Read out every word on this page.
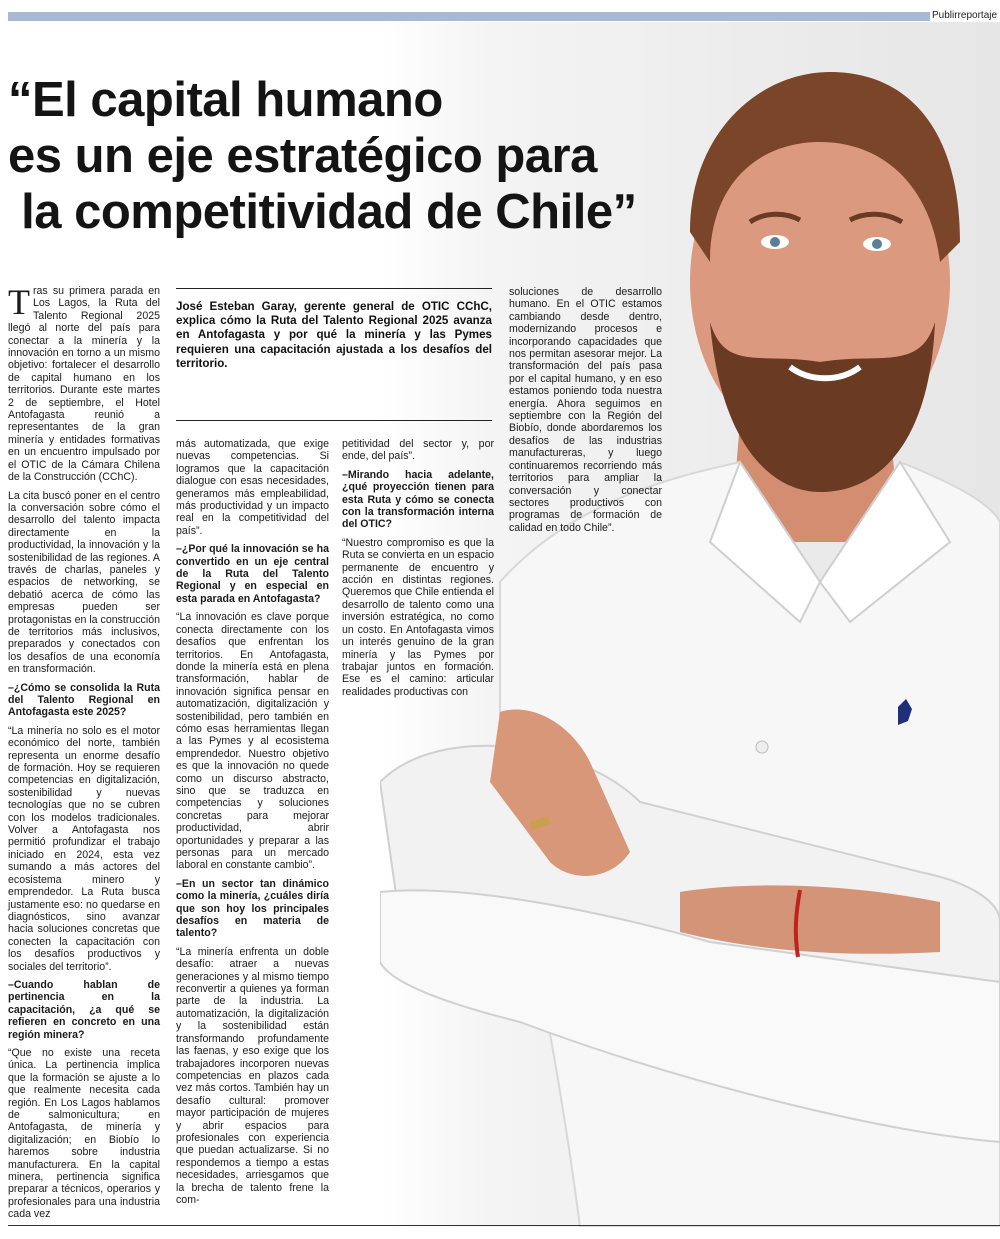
Publirreportaje
“El capital humano
es un eje estratégico para
la competitividad de Chile”
José Esteban Garay, gerente general de OTIC CChC, explica cómo la Ruta del Talento Regional 2025 avanza en Antofagasta y por qué la minería y las Pymes requieren una capacitación ajustada a los desafíos del territorio.

Tras su primera parada en Los Lagos, la Ruta del Talento Regional 2025 llegó al norte del país para conectar a la minería y la innovación en torno a un mismo objetivo: fortalecer el desarrollo de capital humano en los territorios. Durante este martes 2 de septiembre, el Hotel Antofagasta reunió a representantes de la gran minería y entidades formativas en un encuentro impulsado por el OTIC de la Cámara Chilena de la Construcción (CChC).

La cita buscó poner en el centro la conversación sobre cómo el desarrollo del talento impacta directamente en la productividad, la innovación y la sostenibilidad de las regiones. A través de charlas, paneles y espacios de networking, se debatió acerca de cómo las empresas pueden ser protagonistas en la construcción de territorios más inclusivos, preparados y conectados con los desafíos de una economía en transformación.

–¿Cómo se consolida la Ruta del Talento Regional en Antofagasta este 2025?

“La minería no solo es el motor económico del norte, también representa un enorme desafío de formación. Hoy se requieren competencias en digitalización, sostenibilidad y nuevas tecnologías que no se cubren con los modelos tradicionales. Volver a Antofagasta nos permitió profundizar el trabajo iniciado en 2024, esta vez sumando a más actores del ecosistema minero y emprendedor. La Ruta busca justamente eso: no quedarse en diagnósticos, sino avanzar hacia soluciones concretas que conecten la capacitación con los desafíos productivos y sociales del territorio”.

–Cuando hablan de pertinencia en la capacitación, ¿a qué se refieren en concreto en una región minera?

“Que no existe una receta única. La pertinencia implica que la formación se ajuste a lo que realmente necesita cada región. En Los Lagos hablamos de salmonicultura; en Antofagasta, de minería y digitalización; en Biobío lo haremos sobre industria manufacturera. En la capital minera, pertinencia significa preparar a técnicos, operarios y profesionales para una industria cada vez

más automatizada, que exige nuevas competencias. Si logramos que la capacitación dialogue con esas necesidades, generamos más empleabilidad, más productividad y un impacto real en la competitividad del país”.

–¿Por qué la innovación se ha convertido en un eje central de la Ruta del Talento Regional y en especial en esta parada en Antofagasta?

“La innovación es clave porque conecta directamente con los desafíos que enfrentan los territorios. En Antofagasta, donde la minería está en plena transformación, hablar de innovación significa pensar en automatización, digitalización y sostenibilidad, pero también en cómo esas herramientas llegan a las Pymes y al ecosistema emprendedor. Nuestro objetivo es que la innovación no quede como un discurso abstracto, sino que se traduzca en competencias y soluciones concretas para mejorar productividad, abrir oportunidades y preparar a las personas para un mercado laboral en constante cambio”.

–En un sector tan dinámico como la minería, ¿cuáles diría que son hoy los principales desafíos en materia de talento?

“La minería enfrenta un doble desafío: atraer a nuevas generaciones y al mismo tiempo reconvertir a quienes ya forman parte de la industria. La automatización, la digitalización y la sostenibilidad están transformando profundamente las faenas, y eso exige que los trabajadores incorporen nuevas competencias en plazos cada vez más cortos. También hay un desafío cultural: promover mayor participación de mujeres y abrir espacios para profesionales con experiencia que puedan actualizarse. Si no respondemos a tiempo a estas necesidades, arriesgamos que la brecha de talento frene la com-

petitividad del sector y, por ende, del país”.

–Mirando hacia adelante, ¿qué proyección tienen para esta Ruta y cómo se conecta con la transformación interna del OTIC?

“Nuestro compromiso es que la Ruta se convierta en un espacio permanente de encuentro y acción en distintas regiones. Queremos que Chile entienda el desarrollo de talento como una inversión estratégica, no como un costo. En Antofagasta vimos un interés genuino de la gran minería y las Pymes por trabajar juntos en formación. Ese es el camino: articular realidades productivas con

soluciones de desarrollo humano. En el OTIC estamos cambiando desde dentro, modernizando procesos e incorporando capacidades que nos permitan asesorar mejor. La transformación del país pasa por el capital humano, y en eso estamos poniendo toda nuestra energía. Ahora seguimos en septiembre con la Región del Biobío, donde abordaremos los desafíos de las industrias manufactureras, y luego continuaremos recorriendo más territorios para ampliar la conversación y conectar sectores productivos con programas de formación de calidad en todo Chile”.
